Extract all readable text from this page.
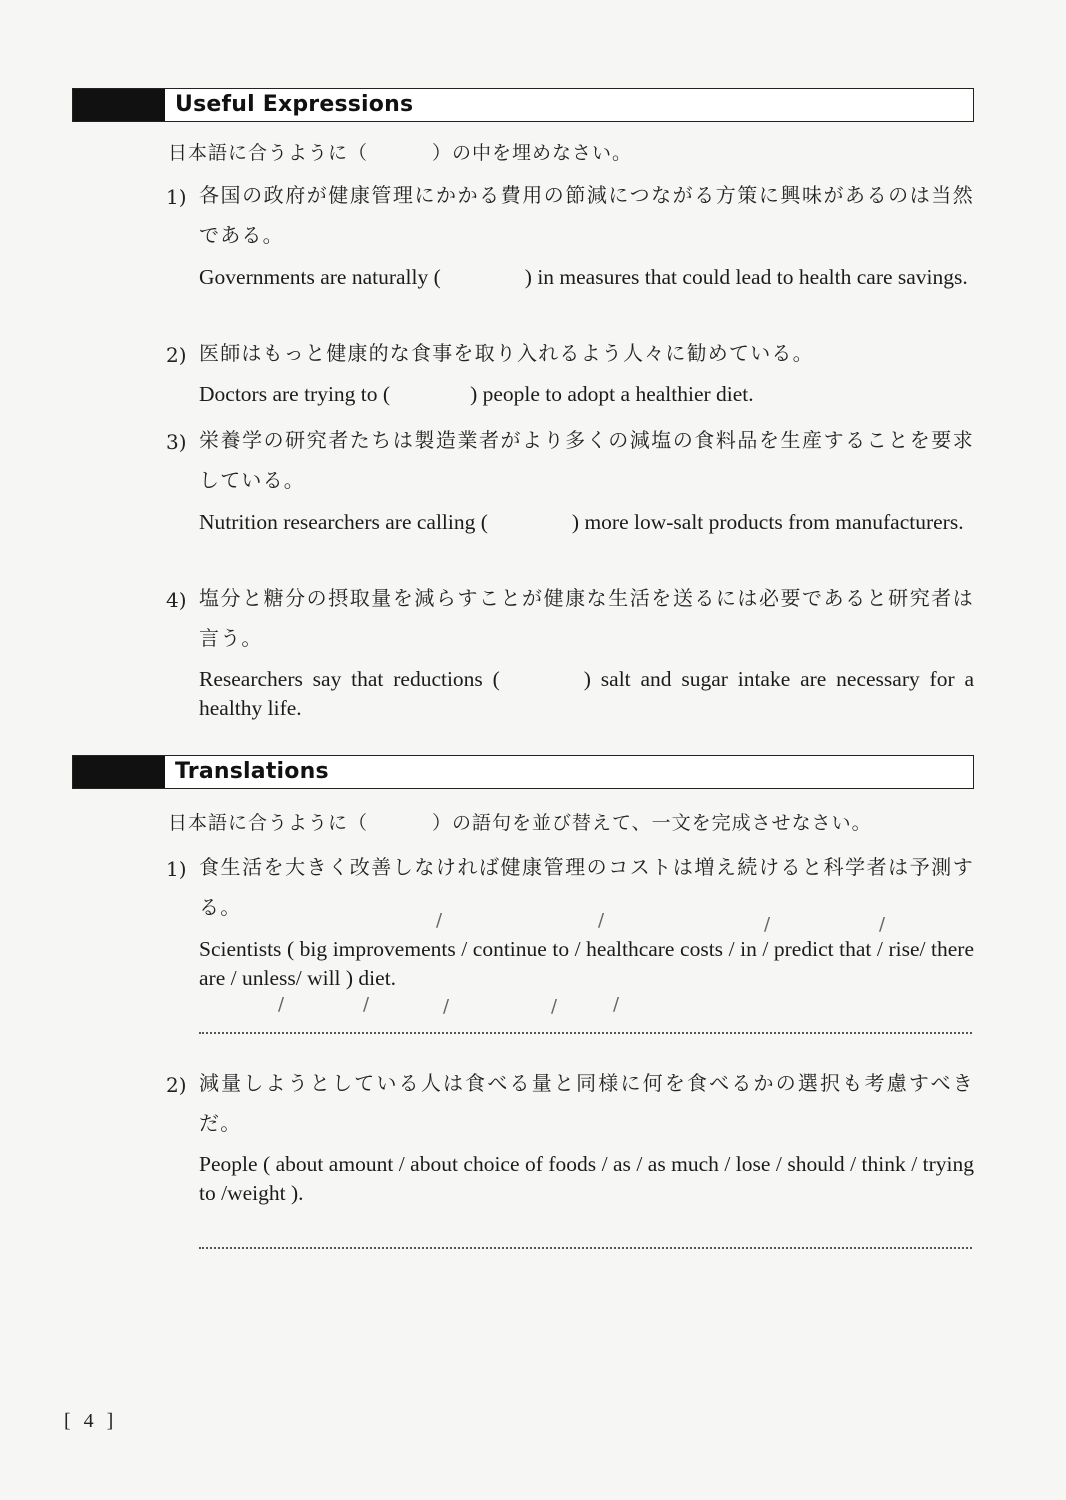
Useful Expressions
日本語に合うように（	）の中を埋めなさい。
1) 各国の政府が健康管理にかかる費用の節減につながる方策に興味があるのは当然である。
Governments are naturally (	) in measures that could lead to health care savings.
2) 医師はもっと健康的な食事を取り入れるよう人々に勧めている。
Doctors are trying to (	) people to adopt a healthier diet.
3) 栄養学の研究者たちは製造業者がより多くの減塩の食料品を生産することを要求している。
Nutrition researchers are calling (	) more low-salt products from manufacturers.
4) 塩分と糖分の摂取量を減らすことが健康な生活を送るには必要であると研究者は言う。
Researchers say that reductions (	) salt and sugar intake are necessary for a healthy life.
Translations
日本語に合うように（	）の語句を並び替えて、一文を完成させなさい。
1) 食生活を大きく改善しなければ健康管理のコストは増え続けると科学者は予測する。
/	/	/	/
Scientists ( big improvements / continue to / healthcare costs / in / predict that / rise/ there are / unless/ will ) diet.
/	/	/	/	/
2) 減量しようとしている人は食べる量と同様に何を食べるかの選択も考慮すべきだ。
People ( about amount / about choice of foods / as / as much / lose / should / think / trying to /weight ).
[ 4 ]
